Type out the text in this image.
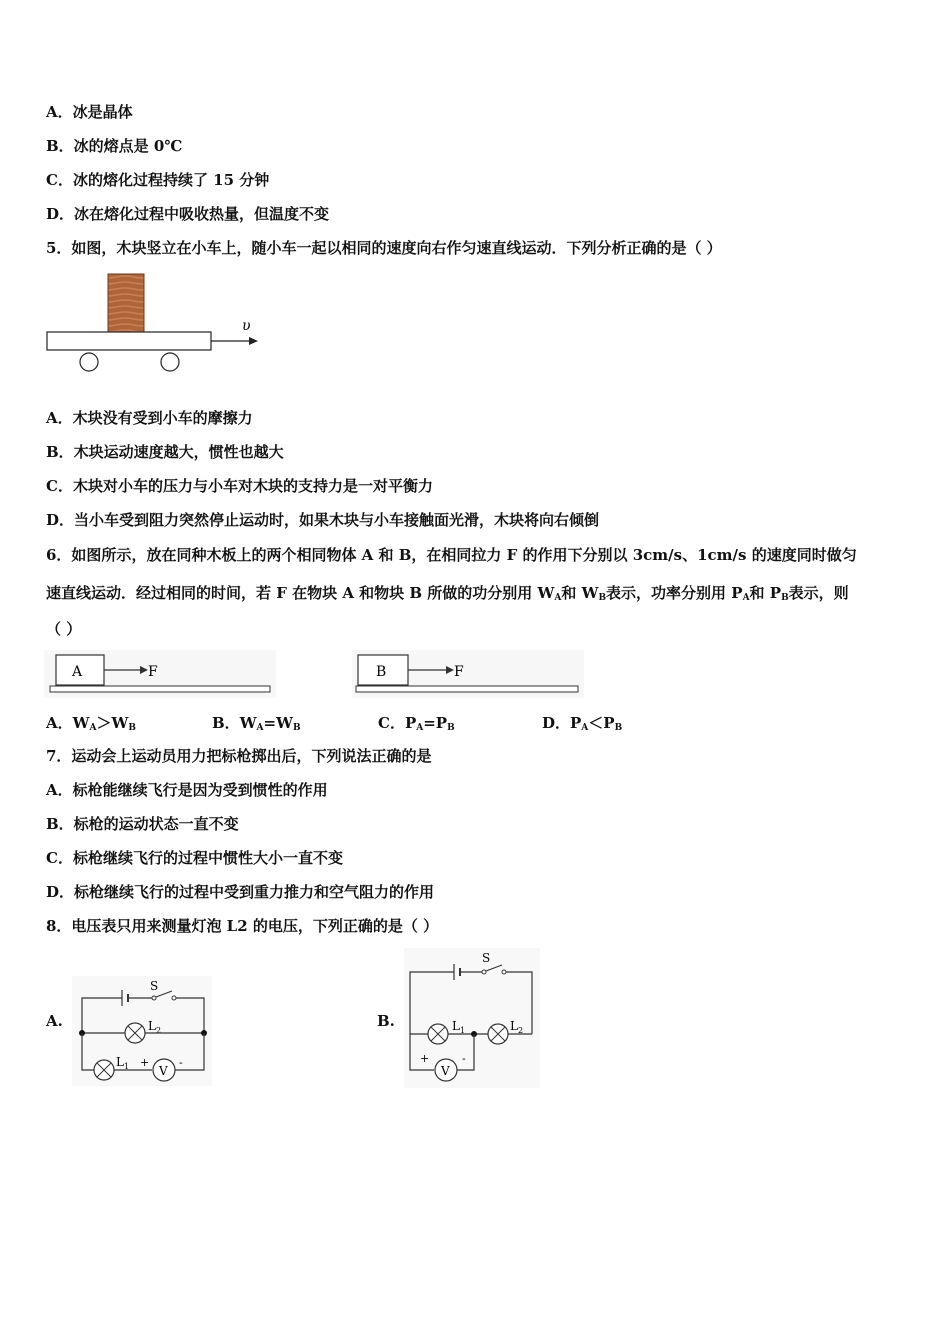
A．冰是晶体
B．冰的熔点是 0℃
C．冰的熔化过程持续了 15 分钟
D．冰在熔化过程中吸收热量，但温度不变
5．如图，木块竖立在小车上，随小车一起以相同的速度向右作匀速直线运动．下列分析正确的是（ ）
υ
A．木块没有受到小车的摩擦力
B．木块运动速度越大，惯性也越大
C．木块对小车的压力与小车对木块的支持力是一对平衡力
D．当小车受到阻力突然停止运动时，如果木块与小车接触面光滑，木块将向右倾倒
6．如图所示，放在同种木板上的两个相同物体 A 和 B，在相同拉力 F 的作用下分别以 3cm/s、1cm/s 的速度同时做匀
速直线运动．经过相同的时间，若 F 在物块 A 和物块 B 所做的功分别用 $W_A$和 $W_B$表示，功率分别用 $P_A$和 $P_B$表示，则
（ ）
A	F	B	F
A．$W_A>W_B$	B．$W_A=W_B$	C．$P_A=P_B$	D．$P_A<P_B$
7．运动会上运动员用力把标枪掷出后，下列说法正确的是
A．标枪能继续飞行是因为受到惯性的作用
B．标枪的运动状态一直不变
C．标枪继续飞行的过程中惯性大小一直不变
D．标枪继续飞行的过程中受到重力推力和空气阻力的作用
8．电压表只用来测量灯泡 L2 的电压，下列正确的是（ ）
A.
S
$L_2$
$L_1$ +
V
-
B.
S
$L_1$	$L_2$
+
V
-
